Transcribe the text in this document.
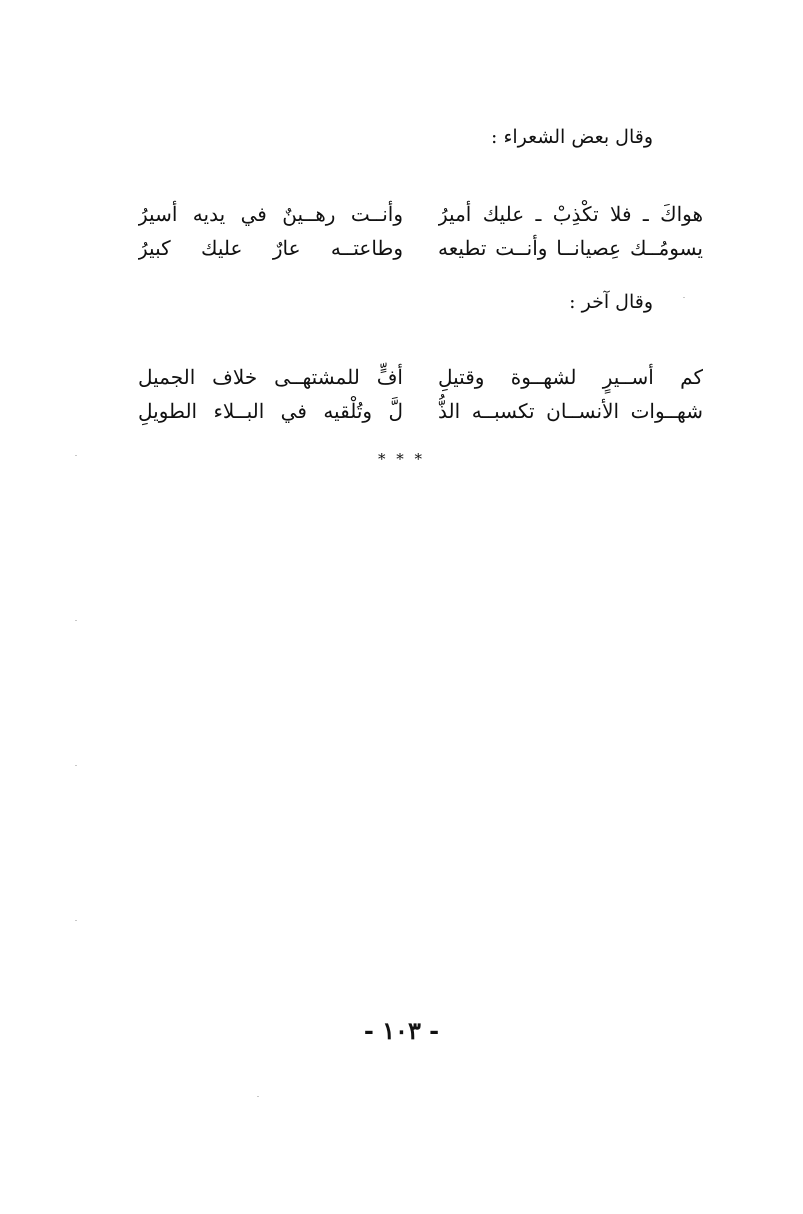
وقال بعض الشعراء :
هواكَ ـ فلا تكْذِبْ ـ عليك أميرُ
وأنــت رهــينٌ في يديه أسيرُ
يسومُــك عِصيانــا وأنــت تطيعه
وطاعتــه عارٌ عليك كبيرُ
وقال آخر :
كم أســيرٍ لشهــوة وقتيلِ
أفٍّ للمشتهــى خلاف الجميل
شهــوات الأنســان تكسبــه الذُّ
لَّ وتُلْقيه في البــلاء الطويلِ
* * *
- ١٠٣ -
